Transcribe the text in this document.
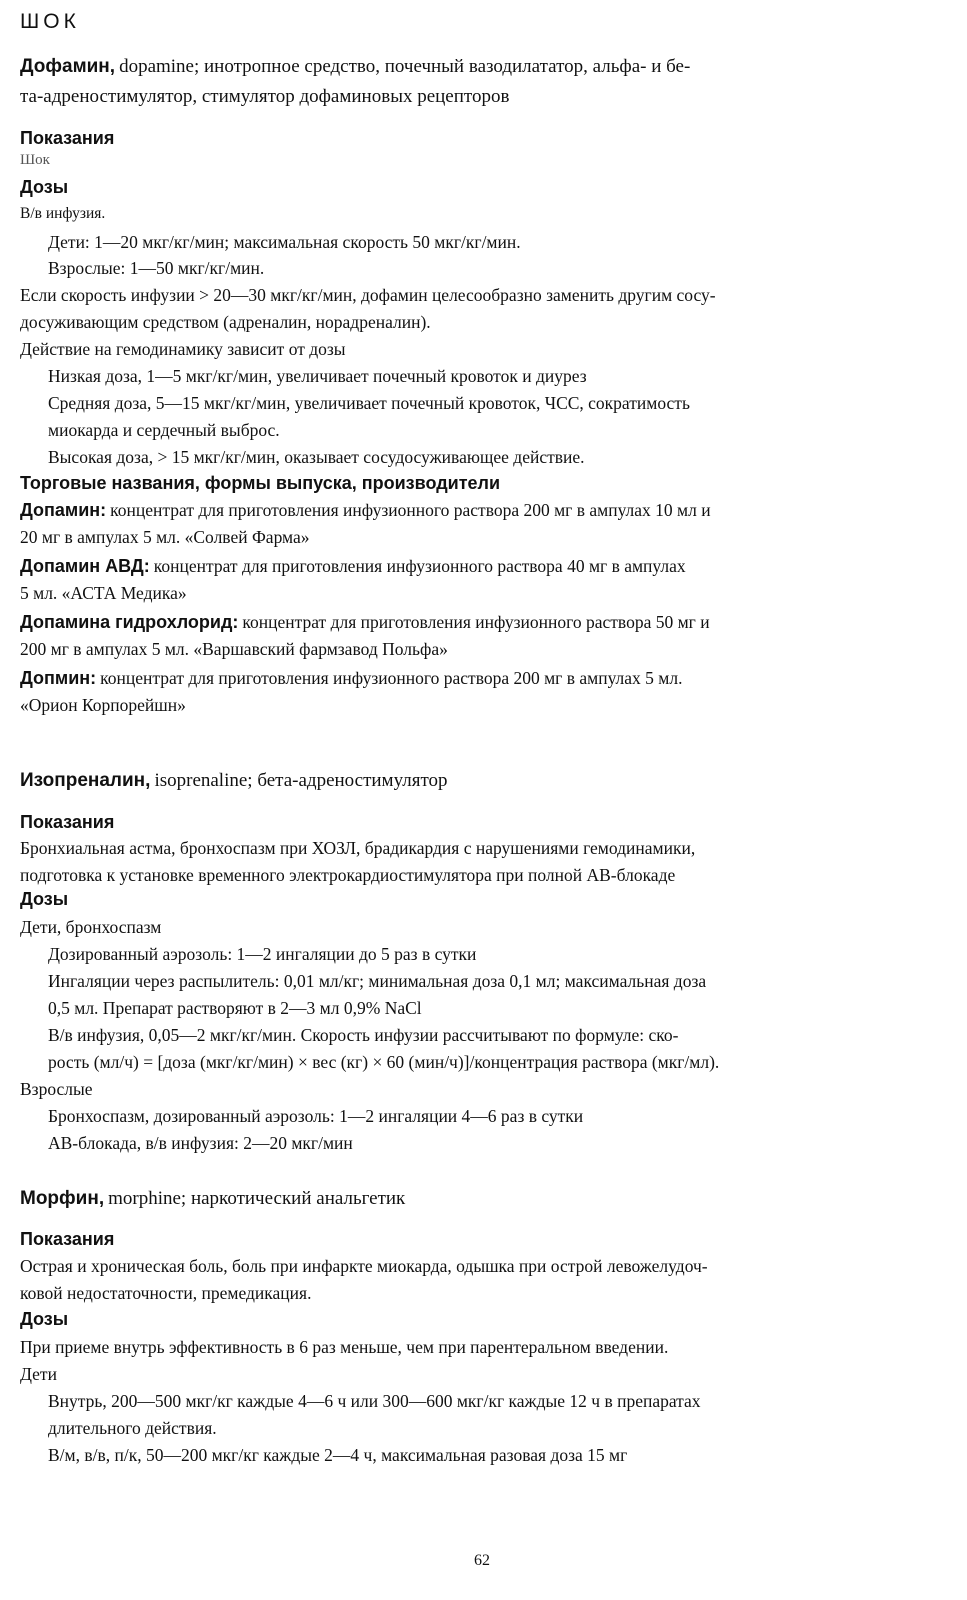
ШОК
Дофамин, dopamine; инотропное средство, почечный вазодилататор, альфа- и бе-
та-адреностимулятор, стимулятор дофаминовых рецепторов
Показания
Шок
Дозы
В/в инфузия.
Дети: 1—20 мкг/кг/мин; максимальная скорость 50 мкг/кг/мин.
Взрослые: 1—50 мкг/кг/мин.
Если скорость инфузии > 20—30 мкг/кг/мин, дофамин целесообразно заменить другим сосу-
досуживающим средством (адреналин, норадреналин).
Действие на гемодинамику зависит от дозы
Низкая доза, 1—5 мкг/кг/мин, увеличивает почечный кровоток и диурез
Средняя доза, 5—15 мкг/кг/мин, увеличивает почечный кровоток, ЧСС, сократимость
миокарда и сердечный выброс.
Высокая доза, > 15 мкг/кг/мин, оказывает сосудосуживающее действие.
Торговые названия, формы выпуска, производители
Допамин: концентрат для приготовления инфузионного раствора 200 мг в ампулах 10 мл и
20 мг в ампулах 5 мл. «Солвей Фарма»
Допамин АВД: концентрат для приготовления инфузионного раствора 40 мг в ампулах
5 мл. «АСТА Медика»
Допамина гидрохлорид: концентрат для приготовления инфузионного раствора 50 мг и
200 мг в ампулах 5 мл. «Варшавский фармзавод Польфа»
Допмин: концентрат для приготовления инфузионного раствора 200 мг в ампулах 5 мл.
«Орион Корпорейшн»
Изопреналин, isoprenaline; бета-адреностимулятор
Показания
Бронхиальная астма, бронхоспазм при ХОЗЛ, брадикардия с нарушениями гемодинамики,
подготовка к установке временного электрокардиостимулятора при полной АВ-блокаде
Дозы
Дети, бронхоспазм
Дозированный аэрозоль: 1—2 ингаляции до 5 раз в сутки
Ингаляции через распылитель: 0,01 мл/кг; минимальная доза 0,1 мл; максимальная доза
0,5 мл. Препарат растворяют в 2—3 мл 0,9% NaCl
В/в инфузия, 0,05—2 мкг/кг/мин. Скорость инфузии рассчитывают по формуле: ско-
рость (мл/ч) = [доза (мкг/кг/мин) × вес (кг) × 60 (мин/ч)]/концентрация раствора (мкг/мл).
Взрослые
Бронхоспазм, дозированный аэрозоль: 1—2 ингаляции 4—6 раз в сутки
АВ-блокада, в/в инфузия: 2—20 мкг/мин
Морфин, morphine; наркотический анальгетик
Показания
Острая и хроническая боль, боль при инфаркте миокарда, одышка при острой левожелудоч-
ковой недостаточности, премедикация.
Дозы
При приеме внутрь эффективность в 6 раз меньше, чем при парентеральном введении.
Дети
Внутрь, 200—500 мкг/кг каждые 4—6 ч или 300—600 мкг/кг каждые 12 ч в препаратах
длительного действия.
В/м, в/в, п/к, 50—200 мкг/кг каждые 2—4 ч, максимальная разовая доза 15 мг
62
